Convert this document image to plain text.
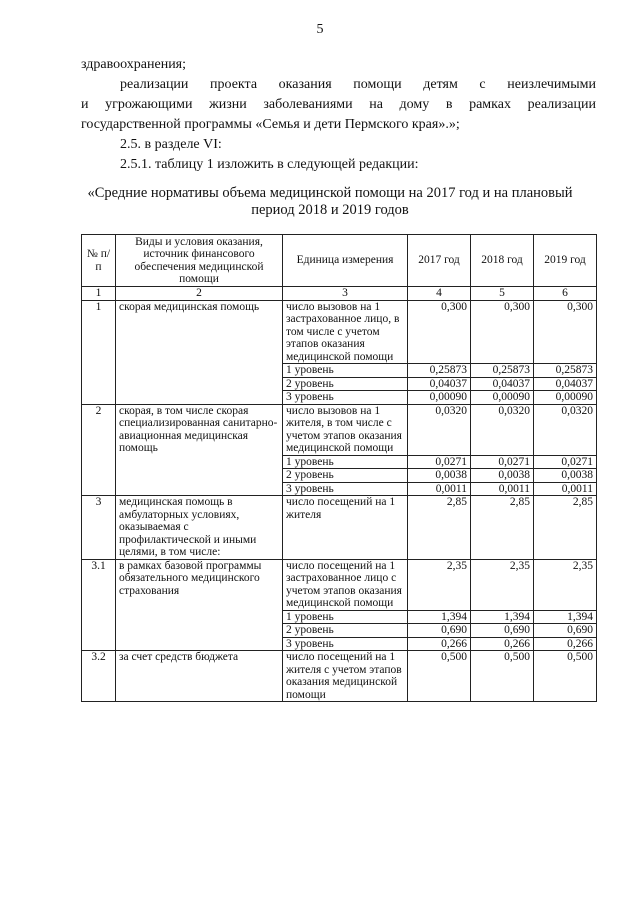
5
здравоохранения;
реализации проекта оказания помощи детям с неизлечимыми
и угрожающими жизни заболеваниями на дому в рамках реализации
государственной программы «Семья и дети Пермского края».»;
2.5. в разделе VI:
2.5.1. таблицу 1 изложить в следующей редакции:
«Средние нормативы объема медицинской помощи на 2017 год и на плановый
период 2018 и 2019 годов
№ п/п	Виды и условия оказания, источник финансового обеспечения медицинской помощи	Единица измерения	2017 год	2018 год	2019 год
1	2	3	4	5	6
1	скорая медицинская помощь	число вызовов на 1 застрахованное лицо, в том числе с учетом этапов оказания медицинской помощи	0,300	0,300	0,300
		1 уровень	0,25873	0,25873	0,25873
		2 уровень	0,04037	0,04037	0,04037
		3 уровень	0,00090	0,00090	0,00090
2	скорая, в том числе скорая специализированная санитарно-авиационная медицинская помощь	число вызовов на 1 жителя, в том числе с учетом этапов оказания медицинской помощи	0,0320	0,0320	0,0320
		1 уровень	0,0271	0,0271	0,0271
		2 уровень	0,0038	0,0038	0,0038
		3 уровень	0,0011	0,0011	0,0011
3	медицинская помощь в амбулаторных условиях, оказываемая с профилактической и иными целями, в том числе:	число посещений на 1 жителя	2,85	2,85	2,85
3.1	в рамках базовой программы обязательного медицинского страхования	число посещений на 1 застрахованное лицо с учетом этапов оказания медицинской помощи	2,35	2,35	2,35
		1 уровень	1,394	1,394	1,394
		2 уровень	0,690	0,690	0,690
		3 уровень	0,266	0,266	0,266
3.2	за счет средств бюджета	число посещений на 1 жителя с учетом этапов оказания медицинской помощи	0,500	0,500	0,500
